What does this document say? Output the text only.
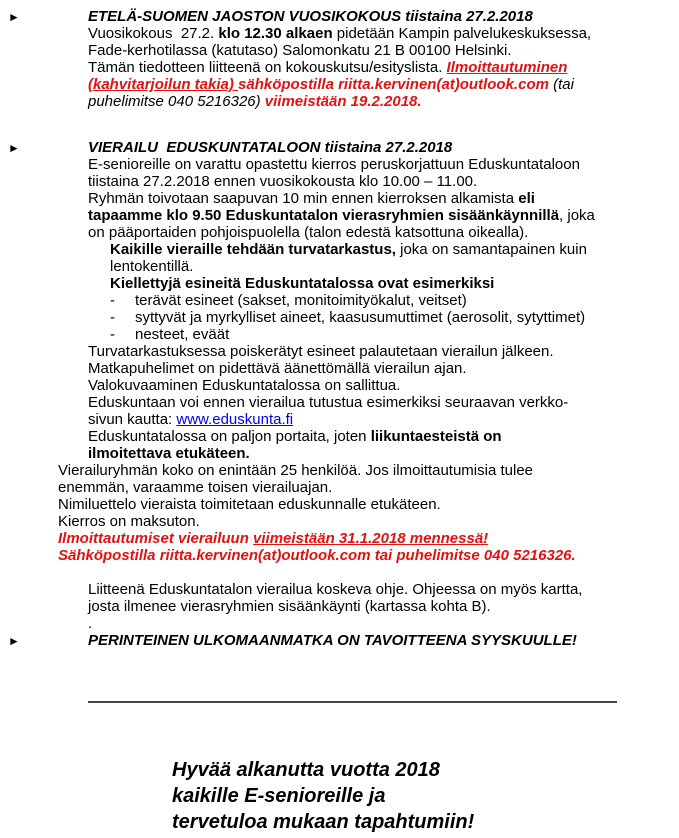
►	ETELÄ-SUOMEN JAOSTON VUOSIKOKOUS tiistaina 27.2.2018
Vuosikokous  27.2. klo 12.30 alkaen pidetään Kampin palvelukeskuksessa,
Fade-kerhotilassa (katutaso) Salomonkatu 21 B 00100 Helsinki.
Tämän tiedotteen liitteenä on kokouskutsu/esityslista. Ilmoittautuminen
(kahvitarjoilun takia) sähköpostilla riitta.kervinen(at)outlook.com (tai
puhelimitse 040 5216326) viimeistään 19.2.2018.
►	VIERAILU  EDUSKUNTATALOON tiistaina 27.2.2018
E-senioreille on varattu opastettu kierros peruskorjattuun Eduskuntataloon
tiistaina 27.2.2018 ennen vuosikokousta klo 10.00 – 11.00.
Ryhmän toivotaan saapuvan 10 min ennen kierroksen alkamista eli
tapaamme klo 9.50 Eduskuntatalon vierasryhmien sisäänkäynnillä, joka
on pääportaiden pohjoispuolella (talon edestä katsottuna oikealla).
Kaikille vieraille tehdään turvatarkastus, joka on samantapainen kuin
lentokentillä.
Kiellettyjä esineitä Eduskuntatalossa ovat esimerkiksi
- terävät esineet (sakset, monitoimityökalut, veitset)
- syttyvät ja myrkylliset aineet, kaasusumuttimet (aerosolit, sytyttimet)
- nesteet, eväät
Turvatarkastuksessa poiskerätyt esineet palautetaan vierailun jälkeen.
Matkapuhelimet on pidettävä äänettömällä vierailun ajan.
Valokuvaaminen Eduskuntatalossa on sallittua.
Eduskuntaan voi ennen vierailua tutustua esimerkiksi seuraavan verkko-
sivun kautta: www.eduskunta.fi
Eduskuntatalossa on paljon portaita, joten liikuntaesteistä on
ilmoitettava etukäteen.
Vierailuryhmän koko on enintään 25 henkilöä. Jos ilmoittautumisia tulee
enemmän, varaamme toisen vierailuajan.
Nimiluettelo vieraista toimitetaan eduskunnalle etukäteen.
Kierros on maksuton.
Ilmoittautumiset vierailuun viimeistään 31.1.2018 mennessä!
Sähköpostilla riitta.kervinen(at)outlook.com tai puhelimitse 040 5216326.
Liitteenä Eduskuntatalon vierailua koskeva ohje. Ohjeessa on myös kartta,
josta ilmenee vierasryhmien sisäänkäynti (kartassa kohta B).
.
►	PERINTEINEN ULKOMAANMATKA ON TAVOITTEENA SYYSKUULLE!
Hyvää alkanutta vuotta 2018
kaikille E-senioreille ja
tervetuloa mukaan tapahtumiin!
